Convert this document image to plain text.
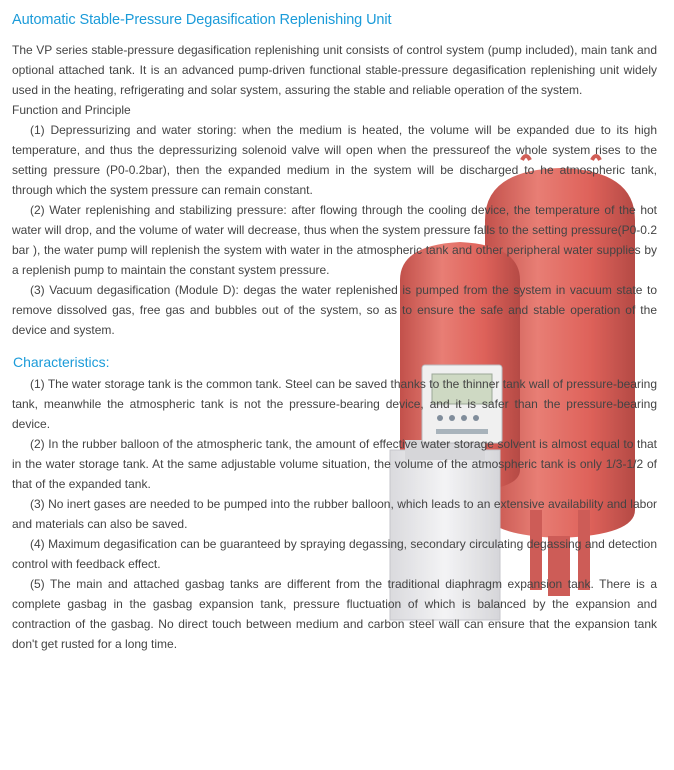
Automatic Stable-Pressure Degasification Replenishing Unit

The VP series stable-pressure degasification replenishing unit consists of control system (pump included), main tank and optional attached tank. It is an advanced pump-driven functional stable-pressure degasification replenishing unit widely used in the heating, refrigerating and solar system, assuring the stable and reliable operation of the system.

Function and Principle

(1) Depressurizing and water storing: when the medium is heated, the volume will be expanded due to its high temperature, and thus the depressurizing solenoid valve will open when the pressureof the whole system rises to the setting pressure (P0-0.2bar), then the expanded medium in the system will be discharged to he atmospheric tank, through which the system pressure can remain constant.

(2) Water replenishing and stabilizing pressure: after flowing through the cooling device, the temperature of the hot water will drop, and the volume of water will decrease, thus when the system pressure falls to the setting pressure(P0-0.2 bar ), the water pump will replenish the system with water in the atmospheric tank and other peripheral water supplies by a replenish pump to maintain the constant system pressure.

(3) Vacuum degasification (Module D): degas the water replenished is pumped from the system in vacuum state to remove dissolved gas, free gas and bubbles out of the system, so as to ensure the safe and stable operation of the device and system.

Characteristics:

(1) The water storage tank is the common tank. Steel can be saved thanks to the thinner tank wall of pressure-bearing tank, meanwhile the atmospheric tank is not the pressure-bearing device, and it is safer than the pressure-bearing device.

(2) In the rubber balloon of the atmospheric tank, the amount of effective water storage solvent is almost equal to that in the water storage tank. At the same adjustable volume situation, the volume of the atmospheric tank is only 1/3-1/2 of that of the expanded tank.

(3) No inert gases are needed to be pumped into the rubber balloon, which leads to an extensive availability and labor and materials can also be saved.

(4) Maximum degasification can be guaranteed by spraying degassing, secondary circulating degassing and detection control with feedback effect.

(5) The main and attached gasbag tanks are different from the traditional diaphragm expansion tank. There is a complete gasbag in the gasbag expansion tank, pressure fluctuation of which is balanced by the expansion and contraction of the gasbag. No direct touch between medium and carbon steel wall can ensure that the expansion tank don't get rusted for a long time.
